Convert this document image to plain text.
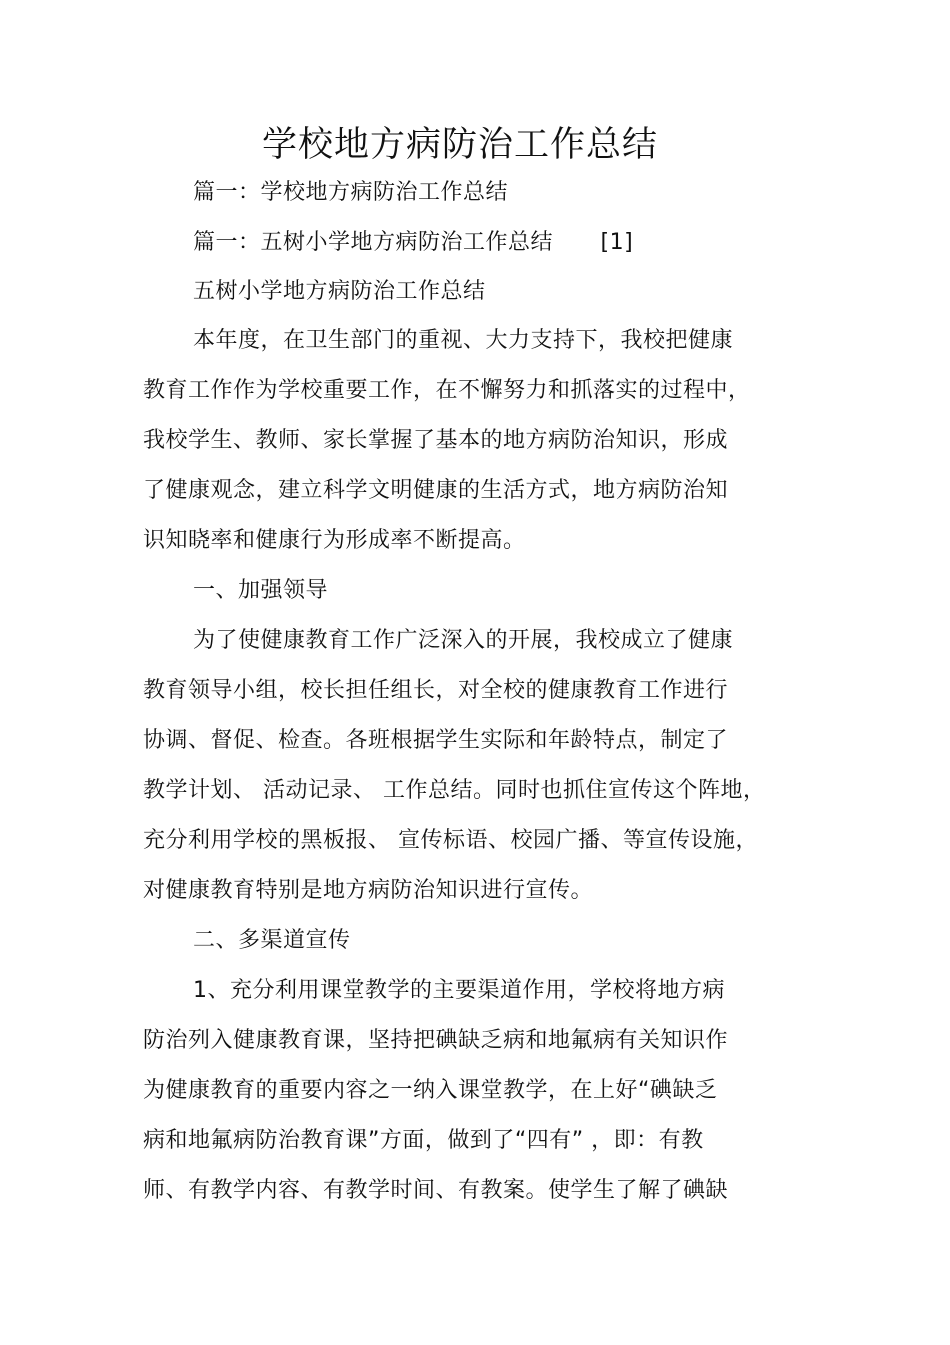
学校地方病防治工作总结
篇一：学校地方病防治工作总结
篇一：五树小学地方病防治工作总结 [1]
五树小学地方病防治工作总结
本年度，在卫生部门的重视、大力支持下，我校把健康
教育工作作为学校重要工作，在不懈努力和抓落实的过程中，
我校学生、教师、家长掌握了基本的地方病防治知识，形成
了健康观念，建立科学文明健康的生活方式，地方病防治知
识知晓率和健康行为形成率不断提高。
一、加强领导
为了使健康教育工作广泛深入的开展，我校成立了健康
教育领导小组，校长担任组长，对全校的健康教育工作进行
协调、督促、检查。各班根据学生实际和年龄特点，制定了
教学计划、 活动记录、 工作总结。同时也抓住宣传这个阵地，
充分利用学校的黑板报、 宣传标语、校园广播、等宣传设施，
对健康教育特别是地方病防治知识进行宣传。
二、多渠道宣传
1、充分利用课堂教学的主要渠道作用，学校将地方病
防治列入健康教育课，坚持把碘缺乏病和地氟病有关知识作
为健康教育的重要内容之一纳入课堂教学，在上好“碘缺乏
病和地氟病防治教育课”方面，做到了“四有” ，即：有教
师、有教学内容、有教学时间、有教案。使学生了解了碘缺
